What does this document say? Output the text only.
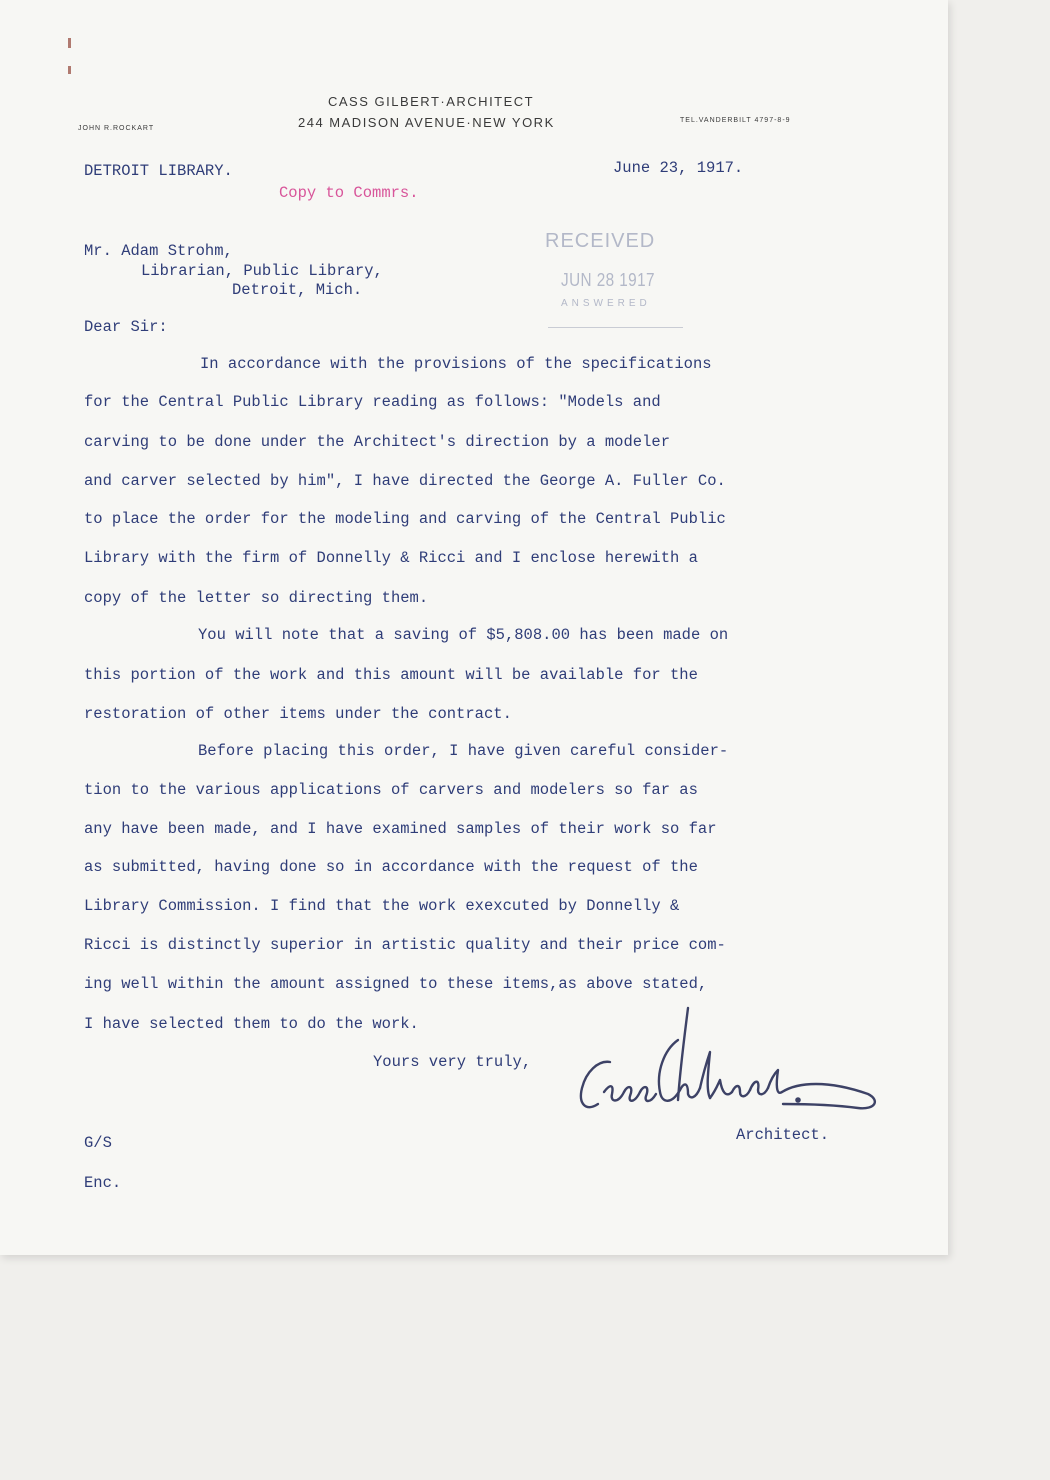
CASS GILBERT·ARCHITECT
244 MADISON AVENUE·NEW YORK
JOHN R.ROCKART
TEL.VANDERBILT 4797-8-9
DETROIT LIBRARY.	June 23, 1917.
Copy to Commrs.
RECEIVED
JUN 28 1917
ANSWERED
Mr. Adam Strohm,
Librarian, Public Library,
Detroit, Mich.
Dear Sir:
In accordance with the provisions of the specifications
for the Central Public Library reading as follows: "Models and
carving to be done under the Architect's direction by a modeler
and carver selected by him", I have directed the George A. Fuller Co.
to place the order for the modeling and carving of the Central Public
Library with the firm of Donnelly & Ricci and I enclose herewith a
copy of the letter so directing them.
You will note that a saving of $5,808.00 has been made on
this portion of the work and this amount will be available for the
restoration of other items under the contract.
Before placing this order, I have given careful consider-
tion to the various applications of carvers and modelers so far as
any have been made, and I have examined samples of their work so far
as submitted, having done so in accordance with the request of the
Library Commission. I find that the work exexcuted by Donnelly &
Ricci is distinctly superior in artistic quality and their price com-
ing well within the amount assigned to these items,as above stated,
I have selected them to do the work.
Yours very truly,
Architect.
G/S
Enc.
